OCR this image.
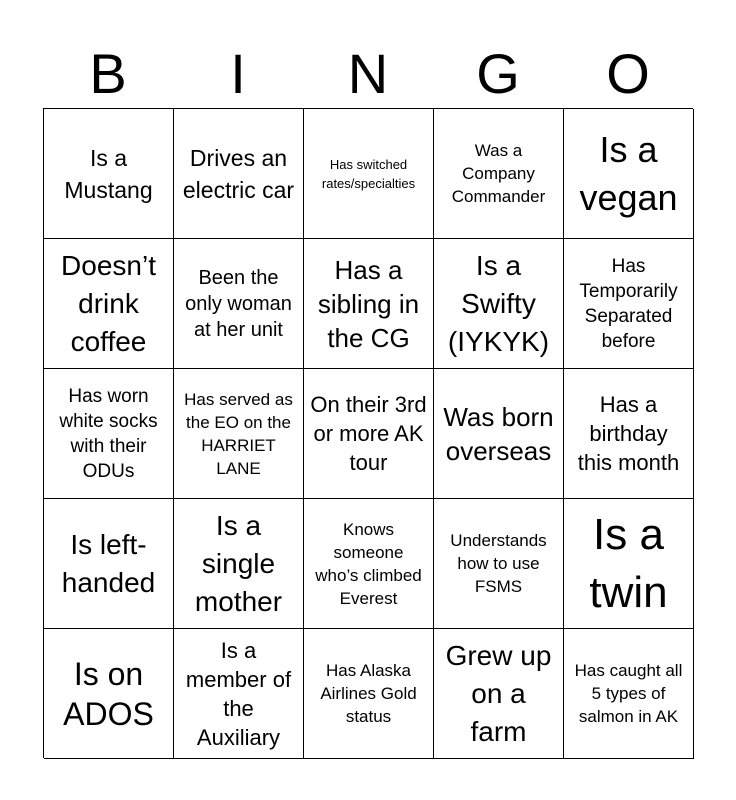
B	I	N	G	O
Is a Mustang
Drives an electric car
Has switched rates/specialties
Was a Company Commander
Is a vegan
Doesn’t drink coffee
Been the only woman at her unit
Has a sibling in the CG
Is a Swifty (IYKYK)
Has Temporarily Separated before
Has worn white socks with their ODUs
Has served as the EO on the HARRIET LANE
On their 3rd or more AK tour
Was born overseas
Has a birthday this month
Is left-handed
Is a single mother
Knows someone who’s climbed Everest
Understands how to use FSMS
Is a twin
Is on ADOS
Is a member of the Auxiliary
Has Alaska Airlines Gold status
Grew up on a farm
Has caught all 5 types of salmon in AK
